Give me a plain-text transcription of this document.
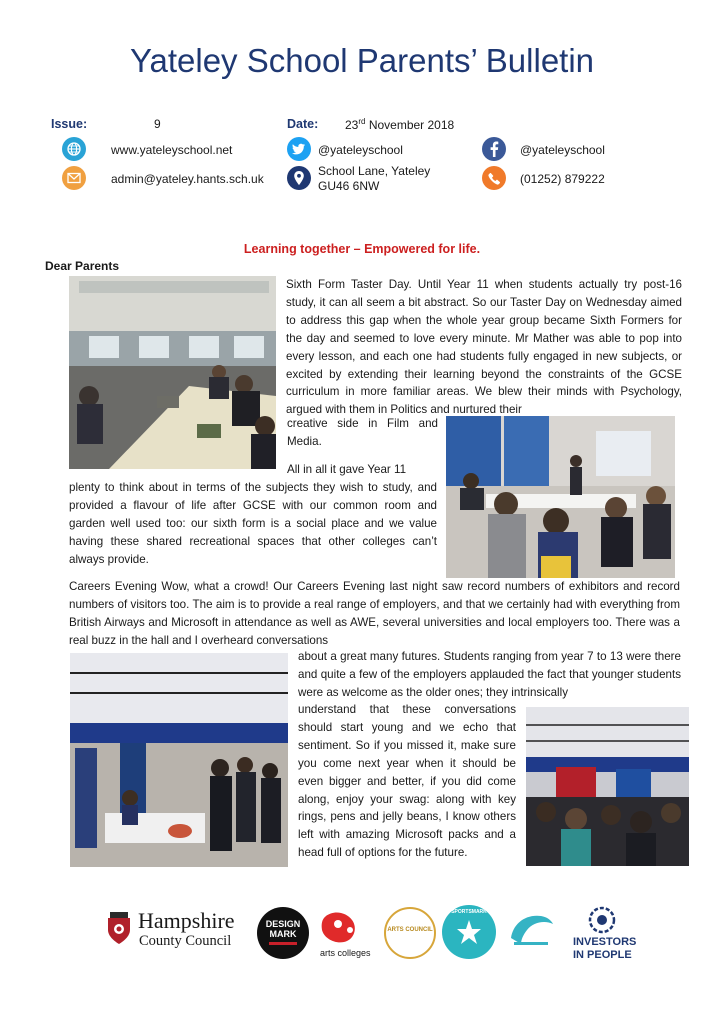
Yateley School Parents’ Bulletin
Issue:	9	Date: 23rd November 2018
www.yateleyschool.net
admin@yateley.hants.sch.uk
@yateleyschool
School Lane, Yateley
GU46 6NW
@yateleyschool
(01252) 879222
Learning together – Empowered for life.
Dear Parents
Sixth Form Taster Day. Until Year 11 when students actually try post-16 study, it can all seem a bit abstract. So our Taster Day on Wednesday aimed to address this gap when the whole year group became Sixth Formers for the day and seemed to love every minute. Mr Mather was able to pop into every lesson, and each one had students fully engaged in new subjects, or excited by extending their learning beyond the constraints of the GCSE curriculum in more familiar areas. We blew their minds with Psychology, argued with them in Politics and nurtured their
creative side in Film and Media.
All in all it gave Year 11
plenty to think about in terms of the subjects they wish to study, and provided a flavour of life after GCSE with our common room and garden well used too: our sixth form is a social place and we value having these shared recreational spaces that other colleges can’t always provide.
Careers Evening Wow, what a crowd! Our Careers Evening last night saw record numbers of exhibitors and record numbers of visitors too. The aim is to provide a real range of employers, and that we certainly had with everything from British Airways and Microsoft in attendance as well as AWE, several universities and local employers too. There was a real buzz in the hall and I overheard conversations
about a great many futures. Students ranging from year 7 to 13 were there and quite a few of the employers applauded the fact that younger students were as welcome as the older ones; they intrinsically
understand that these conversations should start young and we echo that sentiment. So if you missed it, make sure you come next year when it should be even bigger and better, if you did come along, enjoy your swag: along with key rings, pens and jelly beans, I know others left with amazing Microsoft packs and a head full of options for the future.
Hampshire
County Council
DESIGN
MARK
arts colleges
ARTS COUNCIL
SPORTSMARK
INVESTORS
IN PEOPLE
